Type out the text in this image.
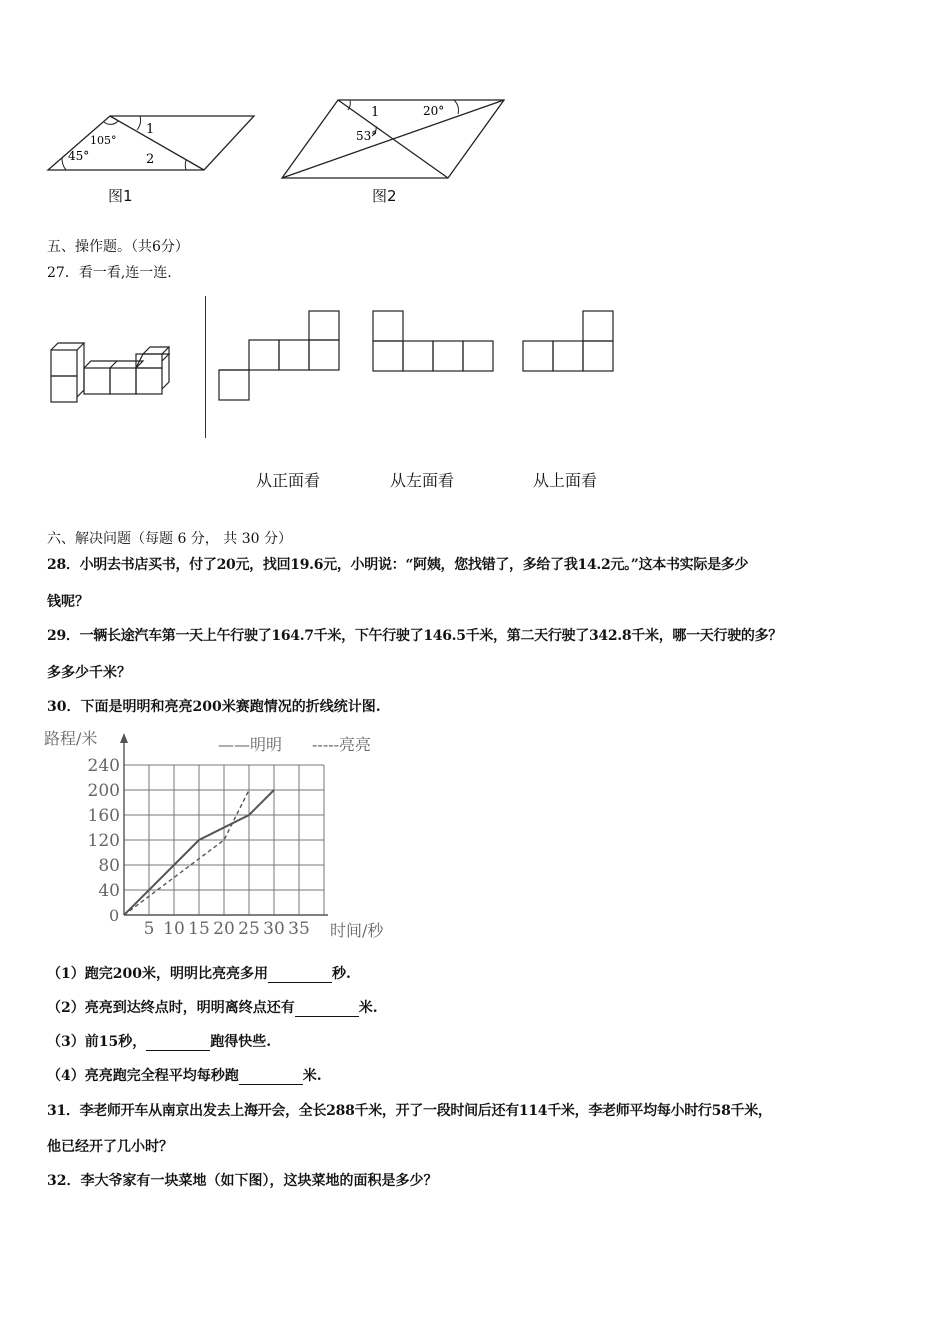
105°
1
45°	2
图1
1	20°
53°
图2
五、操作题。（共6分）
27．看一看,连一连.
从正面看	从左面看	从上面看
六、解决问题（每题 6 分， 共 30 分）
28．小明去书店买书，付了20元，找回19.6元，小明说：“阿姨，您找错了，多给了我14.2元。”这本书实际是多少
钱呢？
29．一辆长途汽车第一天上午行驶了164.7千米，下午行驶了146.5千米，第二天行驶了342.8千米，哪一天行驶的多？
多多少千米？
30．下面是明明和亮亮200米赛跑情况的折线统计图.
路程/米	——明明 -----亮亮
时间/秒
0
5 10 15 20 25 30 35
40
80
120
160
200
240
（1）跑完200米，明明比亮亮多用	秒.
（2）亮亮到达终点时，明明离终点还有	米.
（3）前15秒，	跑得快些.
（4）亮亮跑完全程平均每秒跑	米.
31．李老师开车从南京出发去上海开会，全长288千米，开了一段时间后还有114千米，李老师平均每小时行58千米，
他已经开了几小时？
32．李大爷家有一块菜地（如下图），这块菜地的面积是多少？
